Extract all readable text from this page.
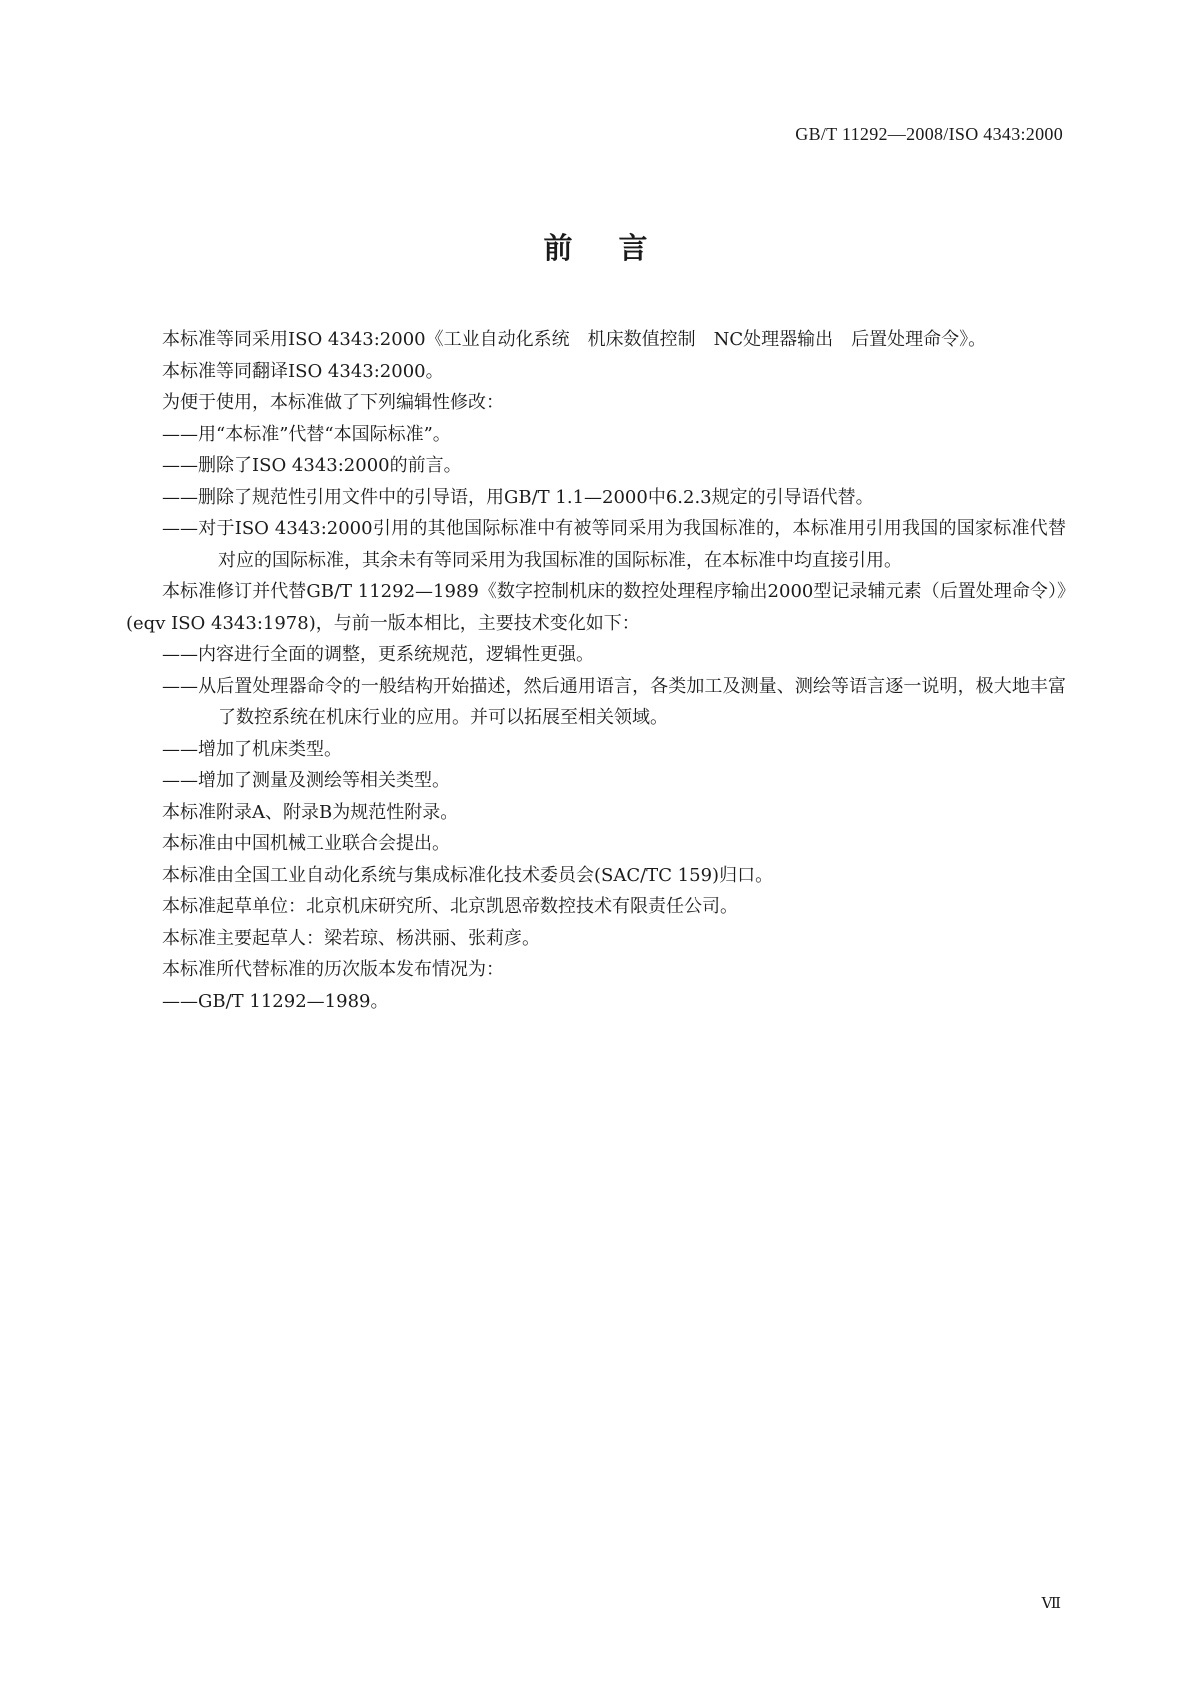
GB/T 11292—2008/ISO 4343:2000
前言

本标准等同采用ISO 4343:2000《工业自动化系统　机床数值控制　NC处理器输出　后置处理命令》。

本标准等同翻译ISO 4343:2000。

为便于使用，本标准做了下列编辑性修改：

——用“本标准”代替“本国际标准”。

——删除了ISO 4343:2000的前言。

——删除了规范性引用文件中的引导语，用GB/T 1.1—2000中6.2.3规定的引导语代替。

——对于ISO 4343:2000引用的其他国际标准中有被等同采用为我国标准的，本标准用引用我国的国家标准代替对应的国际标准，其余未有等同采用为我国标准的国际标准，在本标准中均直接引用。

本标准修订并代替GB/T 11292—1989《数字控制机床的数控处理程序输出2000型记录辅元素（后置处理命令）》(eqv ISO 4343:1978)，与前一版本相比，主要技术变化如下：

——内容进行全面的调整，更系统规范，逻辑性更强。

——从后置处理器命令的一般结构开始描述，然后通用语言，各类加工及测量、测绘等语言逐一说明，极大地丰富了数控系统在机床行业的应用。并可以拓展至相关领域。

——增加了机床类型。

——增加了测量及测绘等相关类型。

本标准附录A、附录B为规范性附录。

本标准由中国机械工业联合会提出。

本标准由全国工业自动化系统与集成标准化技术委员会(SAC/TC 159)归口。

本标准起草单位：北京机床研究所、北京凯恩帝数控技术有限责任公司。

本标准主要起草人：梁若琼、杨洪丽、张莉彦。

本标准所代替标准的历次版本发布情况为：

——GB/T 11292—1989。

Ⅶ
